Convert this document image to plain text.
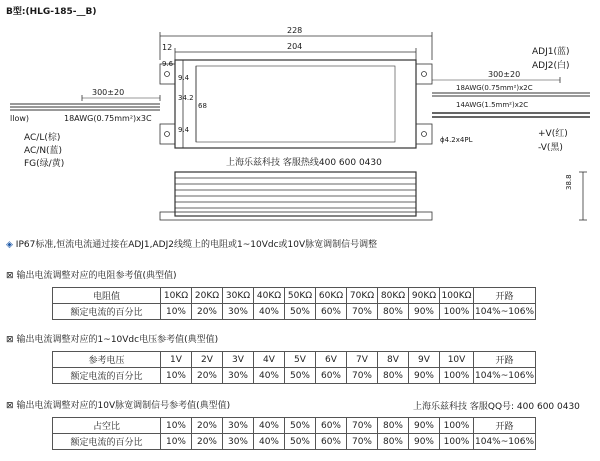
B型:(HLG-185-__B)
228
204
12
9.6
9.4
34.2
68
9.4
38.8
ϕ4.2x4PL
300±20
300±20
llow)	18AWG(0.75mm²)x3C
AC/L(棕)
AC/N(蓝)
FG(绿/黄)
ADJ1(蓝)
ADJ2(白)
18AWG(0.75mm²)x2C
14AWG(1.5mm²)x2C
+V(红)
-V(黑)
上海乐兹科技 客服热线400 600 0430
◈ IP67标准,恒流电流通过接在ADJ1,ADJ2线缆上的电阻或1~10Vdc或10V脉宽调制信号调整
⊠ 输出电流调整对应的电阻参考值(典型值)
电阻值	10KΩ	20KΩ	30KΩ	40KΩ	50KΩ	60KΩ	70KΩ	80KΩ	90KΩ	100KΩ	开路
额定电流的百分比	10%	20%	30%	40%	50%	60%	70%	80%	90%	100%	104%~106%
⊠ 输出电流调整对应的1~10Vdc电压参考值(典型值)
参考电压	1V	2V	3V	4V	5V	6V	7V	8V	9V	10V	开路
额定电流的百分比	10%	20%	30%	40%	50%	60%	70%	80%	90%	100%	104%~106%
⊠ 输出电流调整对应的10V脉宽调制信号参考值(典型值)	上海乐兹科技 客服QQ号: 400 600 0430
占空比	10%	20%	30%	40%	50%	60%	70%	80%	90%	100%	开路
额定电流的百分比	10%	20%	30%	40%	50%	60%	70%	80%	90%	100%	104%~106%
